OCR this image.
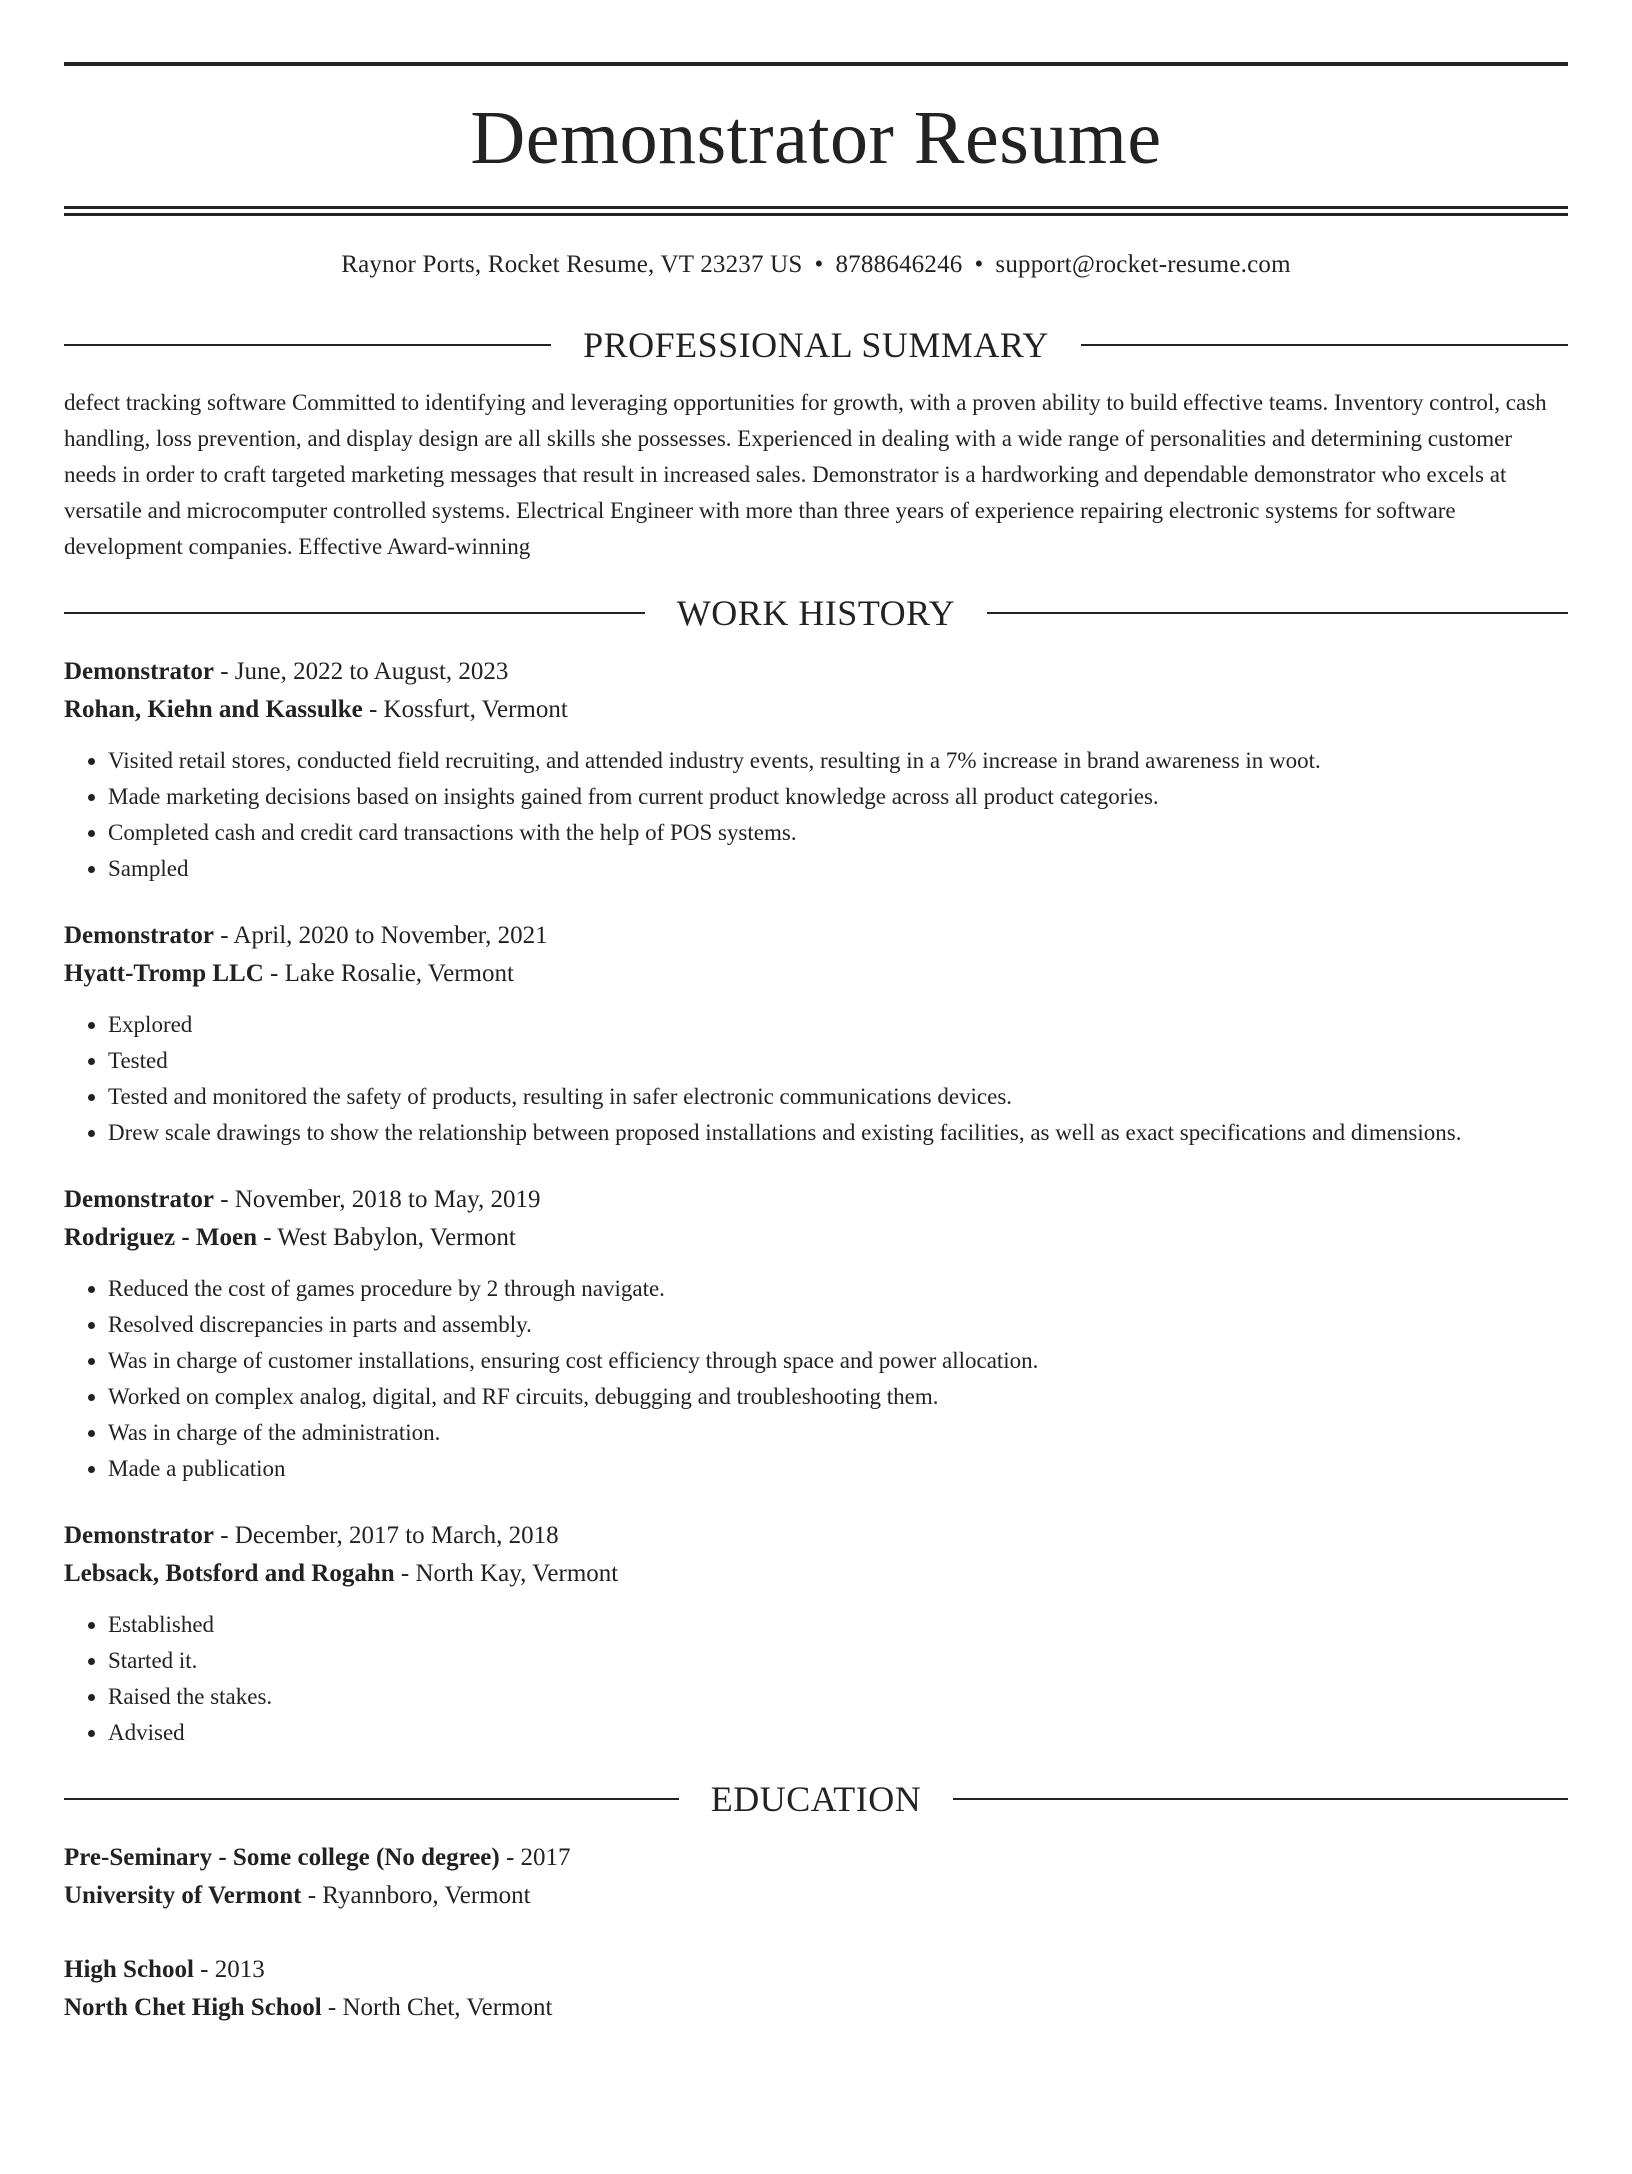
Demonstrator Resume
Raynor Ports, Rocket Resume, VT 23237 US • 8788646246 • support@rocket-resume.com
PROFESSIONAL SUMMARY
defect tracking software Committed to identifying and leveraging opportunities for growth, with a proven ability to build effective teams. Inventory control, cash handling, loss prevention, and display design are all skills she possesses. Experienced in dealing with a wide range of personalities and determining customer needs in order to craft targeted marketing messages that result in increased sales. Demonstrator is a hardworking and dependable demonstrator who excels at versatile and microcomputer controlled systems. Electrical Engineer with more than three years of experience repairing electronic systems for software development companies. Effective Award-winning
WORK HISTORY
Demonstrator - June, 2022 to August, 2023
Rohan, Kiehn and Kassulke - Kossfurt, Vermont
• Visited retail stores, conducted field recruiting, and attended industry events, resulting in a 7% increase in brand awareness in woot.
• Made marketing decisions based on insights gained from current product knowledge across all product categories.
• Completed cash and credit card transactions with the help of POS systems.
• Sampled
Demonstrator - April, 2020 to November, 2021
Hyatt-Tromp LLC - Lake Rosalie, Vermont
• Explored
• Tested
• Tested and monitored the safety of products, resulting in safer electronic communications devices.
• Drew scale drawings to show the relationship between proposed installations and existing facilities, as well as exact specifications and dimensions.
Demonstrator - November, 2018 to May, 2019
Rodriguez - Moen - West Babylon, Vermont
• Reduced the cost of games procedure by 2 through navigate.
• Resolved discrepancies in parts and assembly.
• Was in charge of customer installations, ensuring cost efficiency through space and power allocation.
• Worked on complex analog, digital, and RF circuits, debugging and troubleshooting them.
• Was in charge of the administration.
• Made a publication
Demonstrator - December, 2017 to March, 2018
Lebsack, Botsford and Rogahn - North Kay, Vermont
• Established
• Started it.
• Raised the stakes.
• Advised
EDUCATION
Pre-Seminary - Some college (No degree) - 2017
University of Vermont - Ryannboro, Vermont
High School - 2013
North Chet High School - North Chet, Vermont
